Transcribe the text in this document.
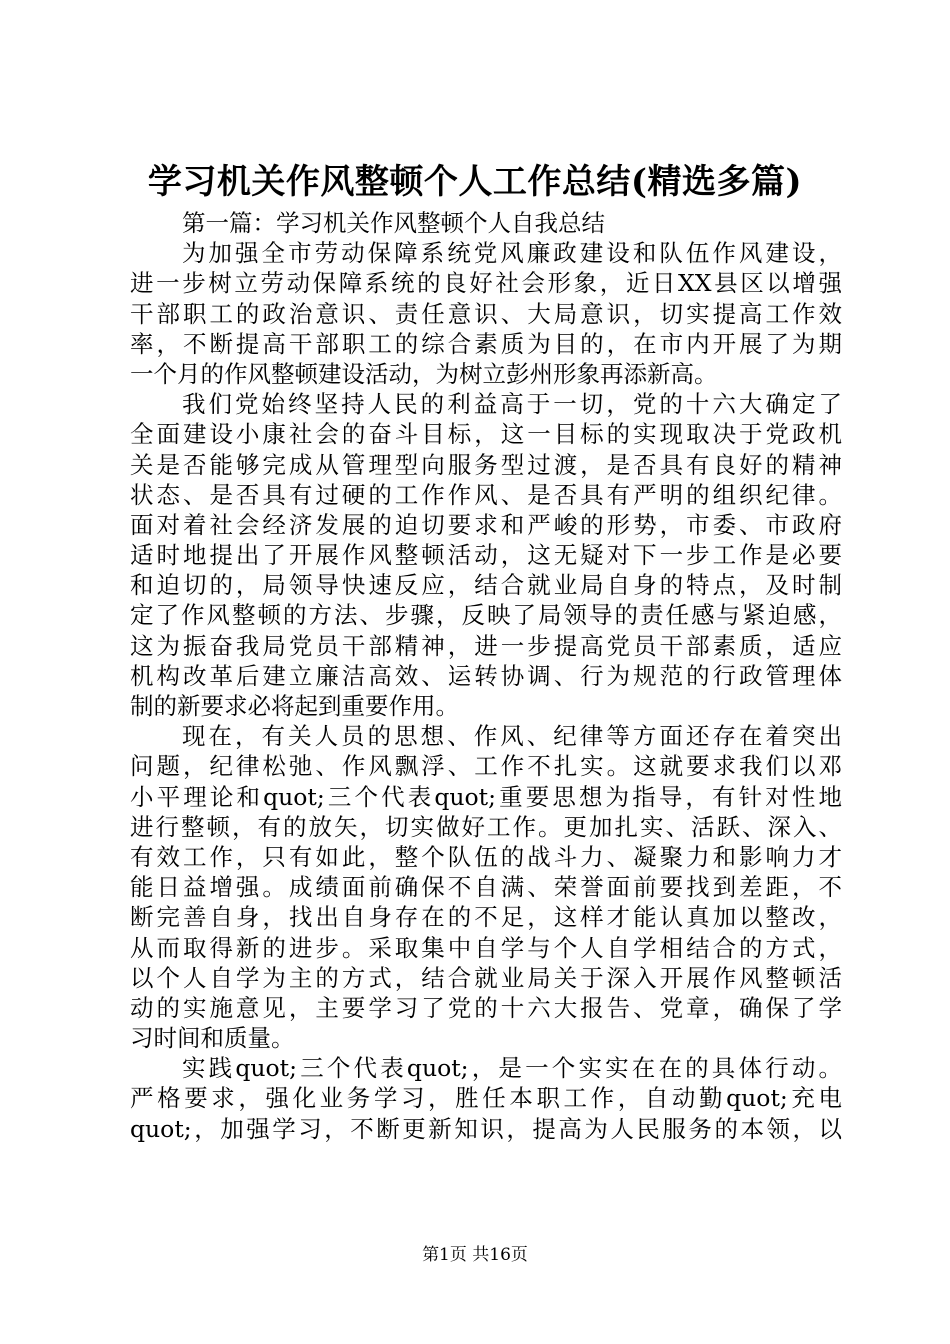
学习机关作风整顿个人工作总结(精选多篇)
第一篇：学习机关作风整顿个人自我总结
为加强全市劳动保障系统党风廉政建设和队伍作风建设，
进一步树立劳动保障系统的良好社会形象，近日XX县区以增强
干部职工的政治意识、责任意识、大局意识，切实提高工作效
率，不断提高干部职工的综合素质为目的，在市内开展了为期
一个月的作风整顿建设活动，为树立彭州形象再添新高。
我们党始终坚持人民的利益高于一切，党的十六大确定了
全面建设小康社会的奋斗目标，这一目标的实现取决于党政机
关是否能够完成从管理型向服务型过渡，是否具有良好的精神
状态、是否具有过硬的工作作风、是否具有严明的组织纪律。
面对着社会经济发展的迫切要求和严峻的形势，市委、市政府
适时地提出了开展作风整顿活动，这无疑对下一步工作是必要
和迫切的，局领导快速反应，结合就业局自身的特点，及时制
定了作风整顿的方法、步骤，反映了局领导的责任感与紧迫感，
这为振奋我局党员干部精神，进一步提高党员干部素质，适应
机构改革后建立廉洁高效、运转协调、行为规范的行政管理体
制的新要求必将起到重要作用。
现在，有关人员的思想、作风、纪律等方面还存在着突出
问题，纪律松弛、作风飘浮、工作不扎实。这就要求我们以邓
小平理论和quot;三个代表quot;重要思想为指导，有针对性地
进行整顿，有的放矢，切实做好工作。更加扎实、活跃、深入、
有效工作，只有如此，整个队伍的战斗力、凝聚力和影响力才
能日益增强。成绩面前确保不自满、荣誉面前要找到差距，不
断完善自身，找出自身存在的不足，这样才能认真加以整改，
从而取得新的进步。采取集中自学与个人自学相结合的方式，
以个人自学为主的方式，结合就业局关于深入开展作风整顿活
动的实施意见，主要学习了党的十六大报告、党章，确保了学
习时间和质量。
实践quot;三个代表quot;，是一个实实在在的具体行动。
严格要求，强化业务学习，胜任本职工作，自动勤quot;充电
quot;，加强学习，不断更新知识，提高为人民服务的本领，以
第1页 共16页
